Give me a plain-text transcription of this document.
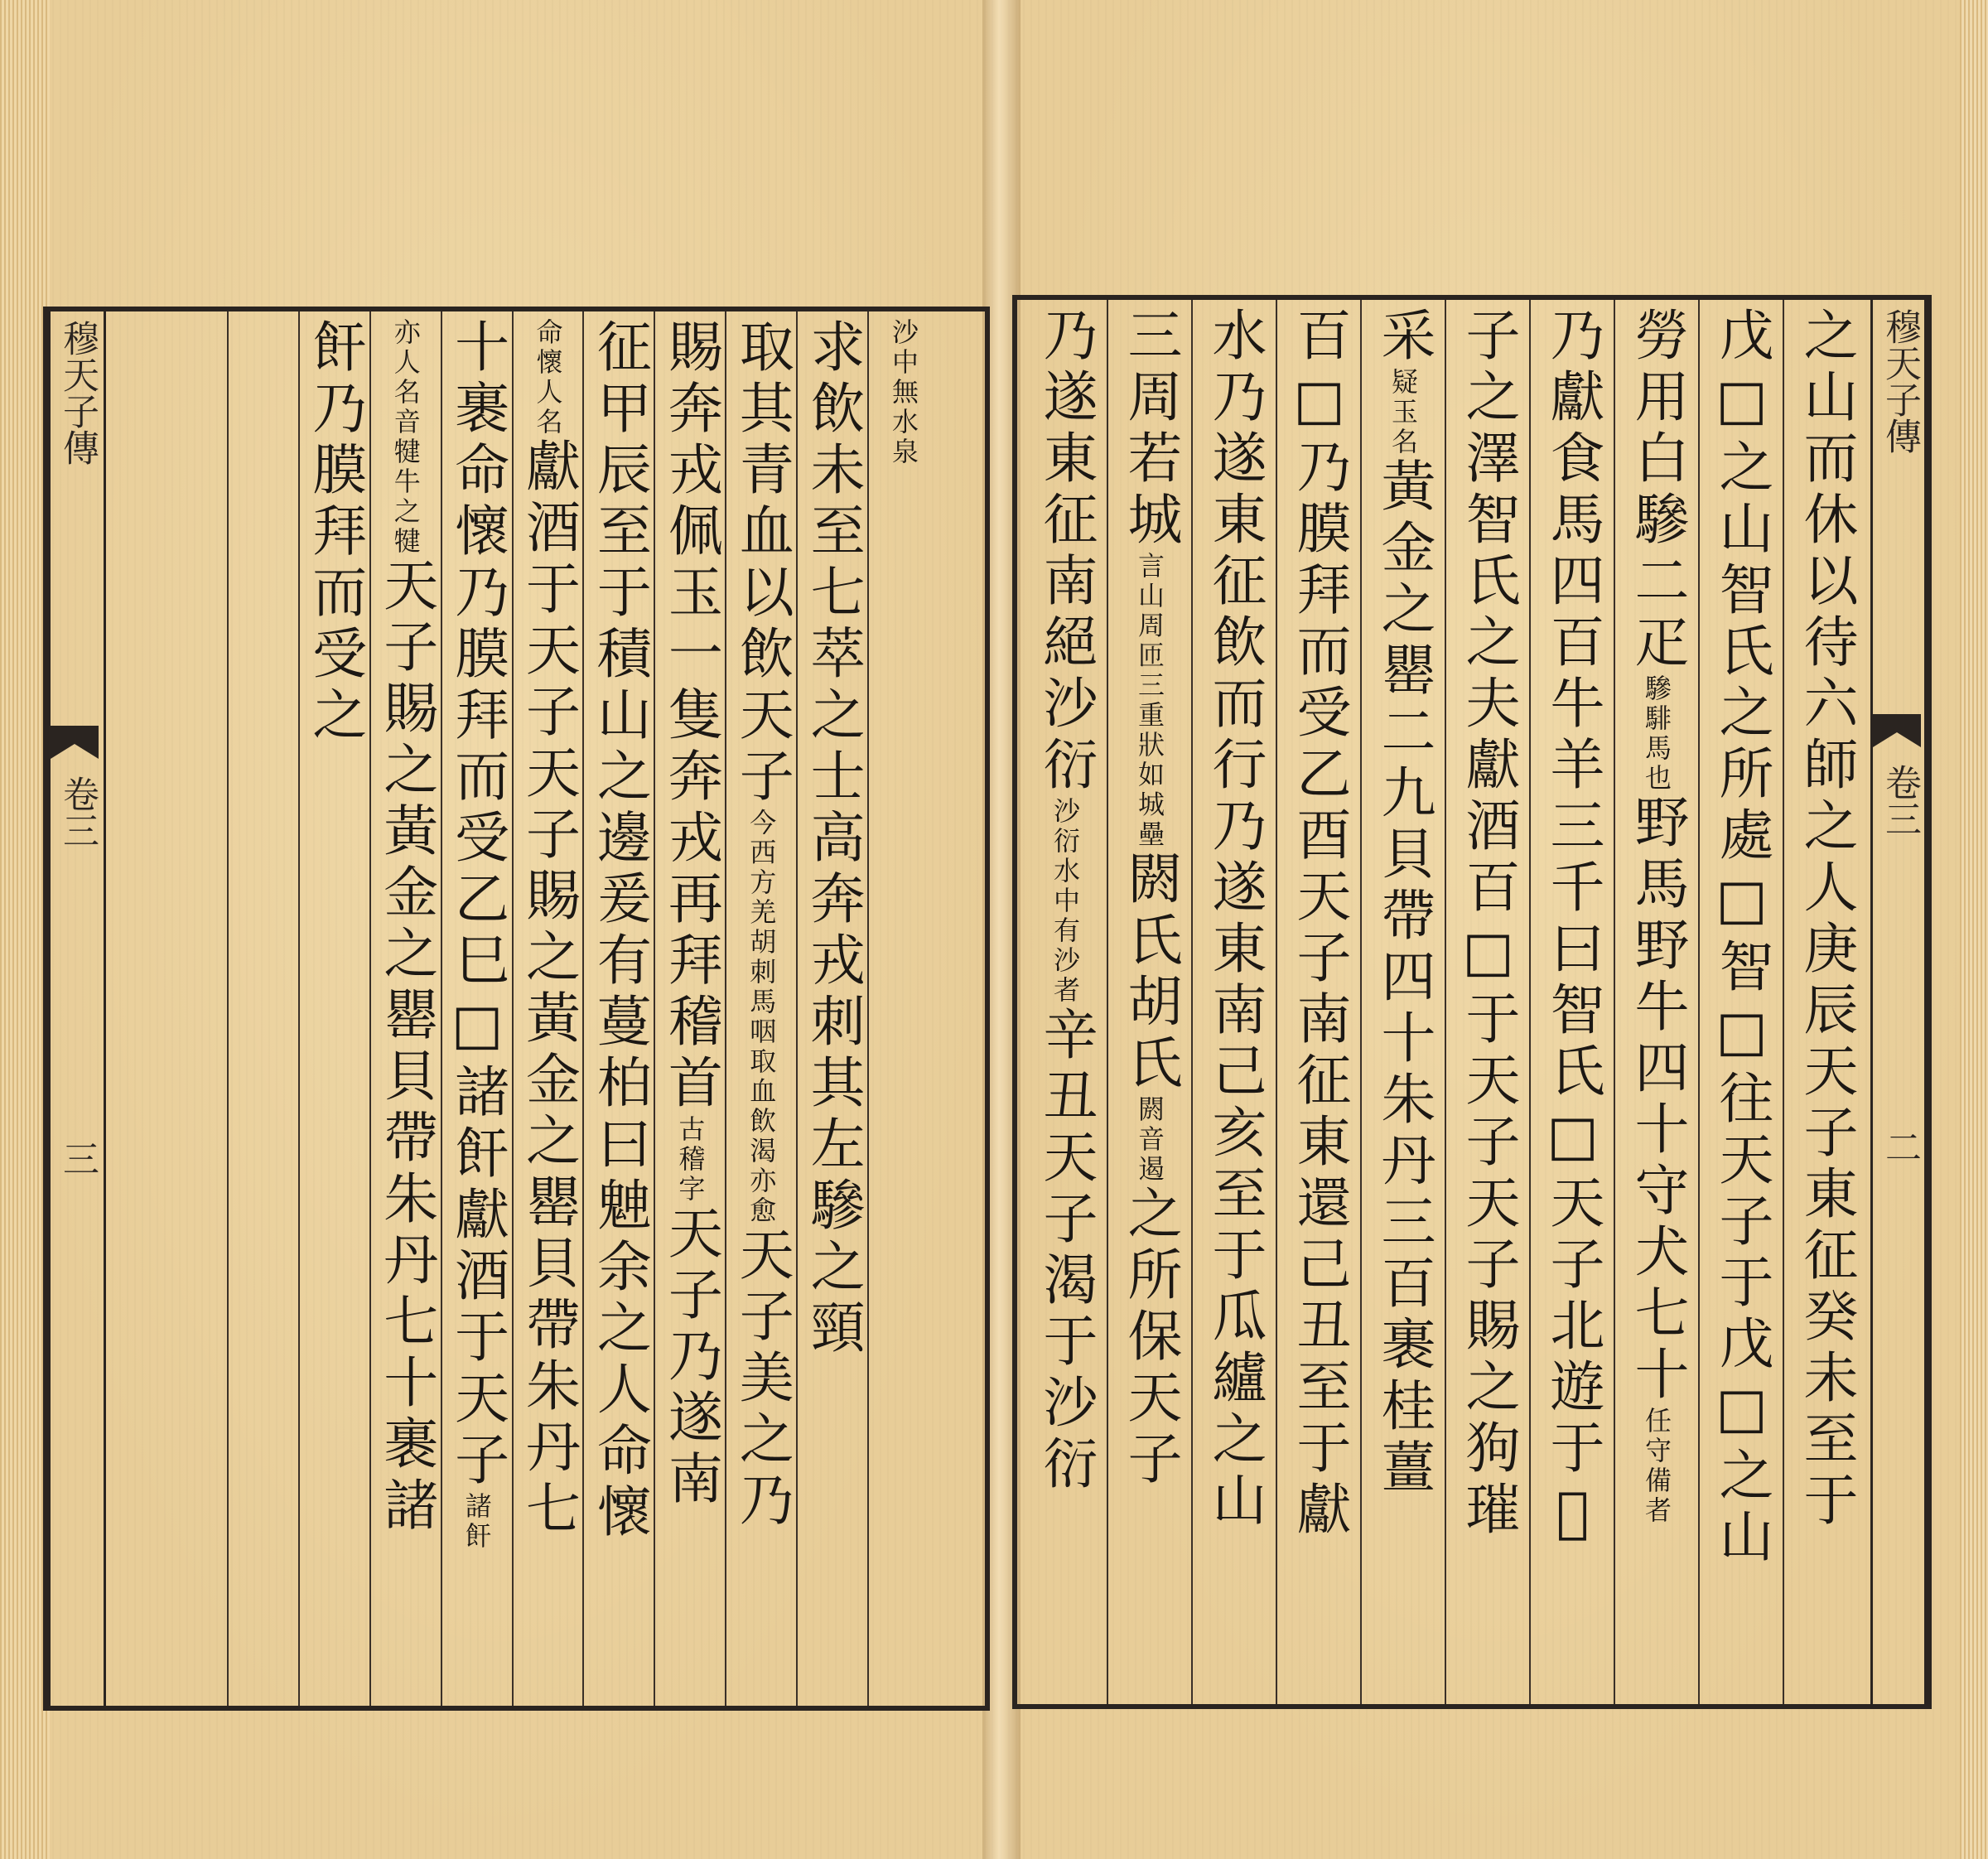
穆天子傳
卷三
三
沙中無水泉
求飲未至七萃之士高奔戎刺其左驂之頸
取其青血以飲天子今西方羌胡刺馬咽取血飲渴亦愈天子美之乃
賜奔戎佩玉一隻奔戎再拜稽首古稽字天子乃遂南
征甲辰至于積山之邊爰有蔓柏曰䰠余之人命懷
命懷人名獻酒于天子天子賜之黃金之罌貝帶朱丹七
十裹命懷乃膜拜而受乙巳□諸飦獻酒于天子諸飦
亦人名音犍牛之犍天子賜之黃金之罌貝帶朱丹七十裹諸
飦乃膜拜而受之	之山而休以待六師之人庚辰天子東征癸未至于
戊□之山智氏之所處□智□往天子于戊□之山
勞用白驂二疋驂騑馬也野馬野牛四十守犬七十任守備者
乃獻食馬四百牛羊三千曰智氏□天子北遊于𥠖
子之澤智氏之夫獻酒百□于天子天子賜之狗璀
采疑玉名黃金之罌二九貝帶四十朱丹三百裹桂薑
百□乃膜拜而受乙酉天子南征東還己丑至于獻
水乃遂東征飲而行乃遂東南己亥至于瓜纑之山
三周若城言山周匝三重狀如城壘閼氏胡氏閼音遏之所保天子
乃遂東征南絕沙衍沙衍水中有沙者辛丑天子渴于沙衍
穆天子傳
卷三
二
